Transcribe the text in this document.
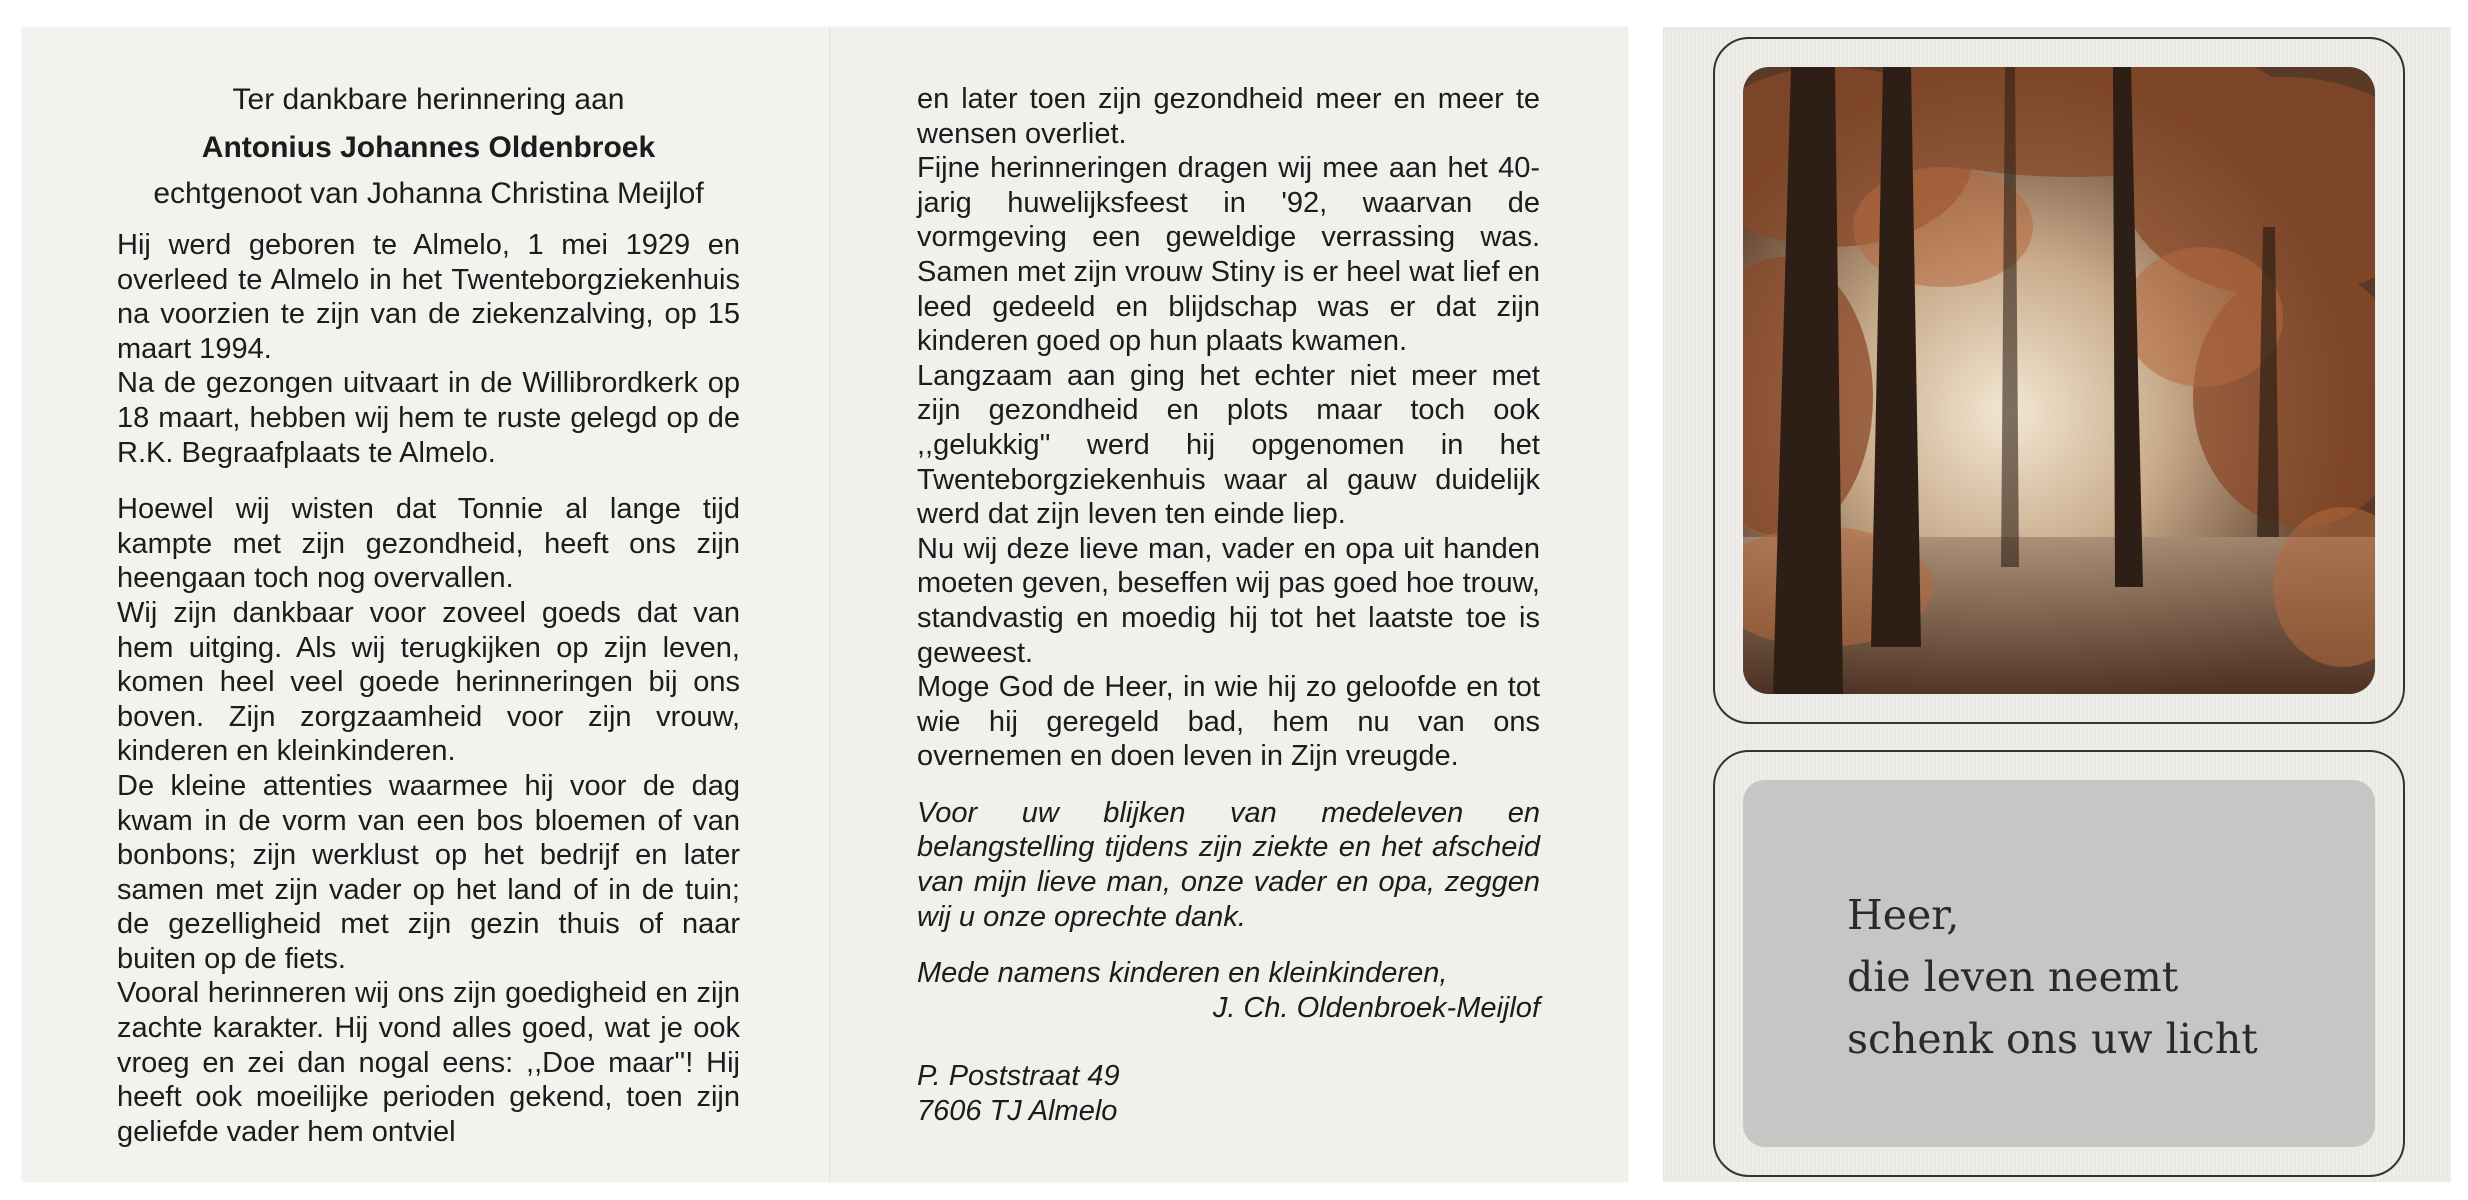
Ter dankbare herinnering aan
Antonius Johannes Oldenbroek
echtgenoot van Johanna Christina Meijlof

Hij werd geboren te Almelo, 1 mei 1929 en overleed te Almelo in het Twenteborgziekenhuis na voorzien te zijn van de ziekenzalving, op 15 maart 1994.

Na de gezongen uitvaart in de Willibrordkerk op 18 maart, hebben wij hem te ruste gelegd op de R.K. Begraafplaats te Almelo.

Hoewel wij wisten dat Tonnie al lange tijd kampte met zijn gezondheid, heeft ons zijn heengaan toch nog overvallen.

Wij zijn dankbaar voor zoveel goeds dat van hem uitging. Als wij terugkijken op zijn leven, komen heel veel goede herinneringen bij ons boven. Zijn zorgzaamheid voor zijn vrouw, kinderen en kleinkinderen.

De kleine attenties waarmee hij voor de dag kwam in de vorm van een bos bloemen of van bonbons; zijn werklust op het bedrijf en later samen met zijn vader op het land of in de tuin; de gezelligheid met zijn gezin thuis of naar buiten op de fiets.

Vooral herinneren wij ons zijn goedigheid en zijn zachte karakter. Hij vond alles goed, wat je ook vroeg en zei dan nogal eens: ,,Doe maar''! Hij heeft ook moeilijke perioden gekend, toen zijn geliefde vader hem ontviel

en later toen zijn gezondheid meer en meer te wensen overliet.

Fijne herinneringen dragen wij mee aan het 40-jarig huwelijksfeest in '92, waarvan de vormgeving een geweldige verrassing was. Samen met zijn vrouw Stiny is er heel wat lief en leed gedeeld en blijdschap was er dat zijn kinderen goed op hun plaats kwamen.

Langzaam aan ging het echter niet meer met zijn gezondheid en plots maar toch ook ,,gelukkig'' werd hij opgenomen in het Twenteborgziekenhuis waar al gauw duidelijk werd dat zijn leven ten einde liep.

Nu wij deze lieve man, vader en opa uit handen moeten geven, beseffen wij pas goed hoe trouw, standvastig en moedig hij tot het laatste toe is geweest.

Moge God de Heer, in wie hij zo geloofde en tot wie hij geregeld bad, hem nu van ons overnemen en doen leven in Zijn vreugde.

Voor uw blijken van medeleven en belangstelling tijdens zijn ziekte en het afscheid van mijn lieve man, onze vader en opa, zeggen wij u onze oprechte dank.

Mede namens kinderen en kleinkinderen,

J. Ch. Oldenbroek-Meijlof

P. Poststraat 49

7606 TJ Almelo

Heer,
die leven neemt
schenk ons uw licht
